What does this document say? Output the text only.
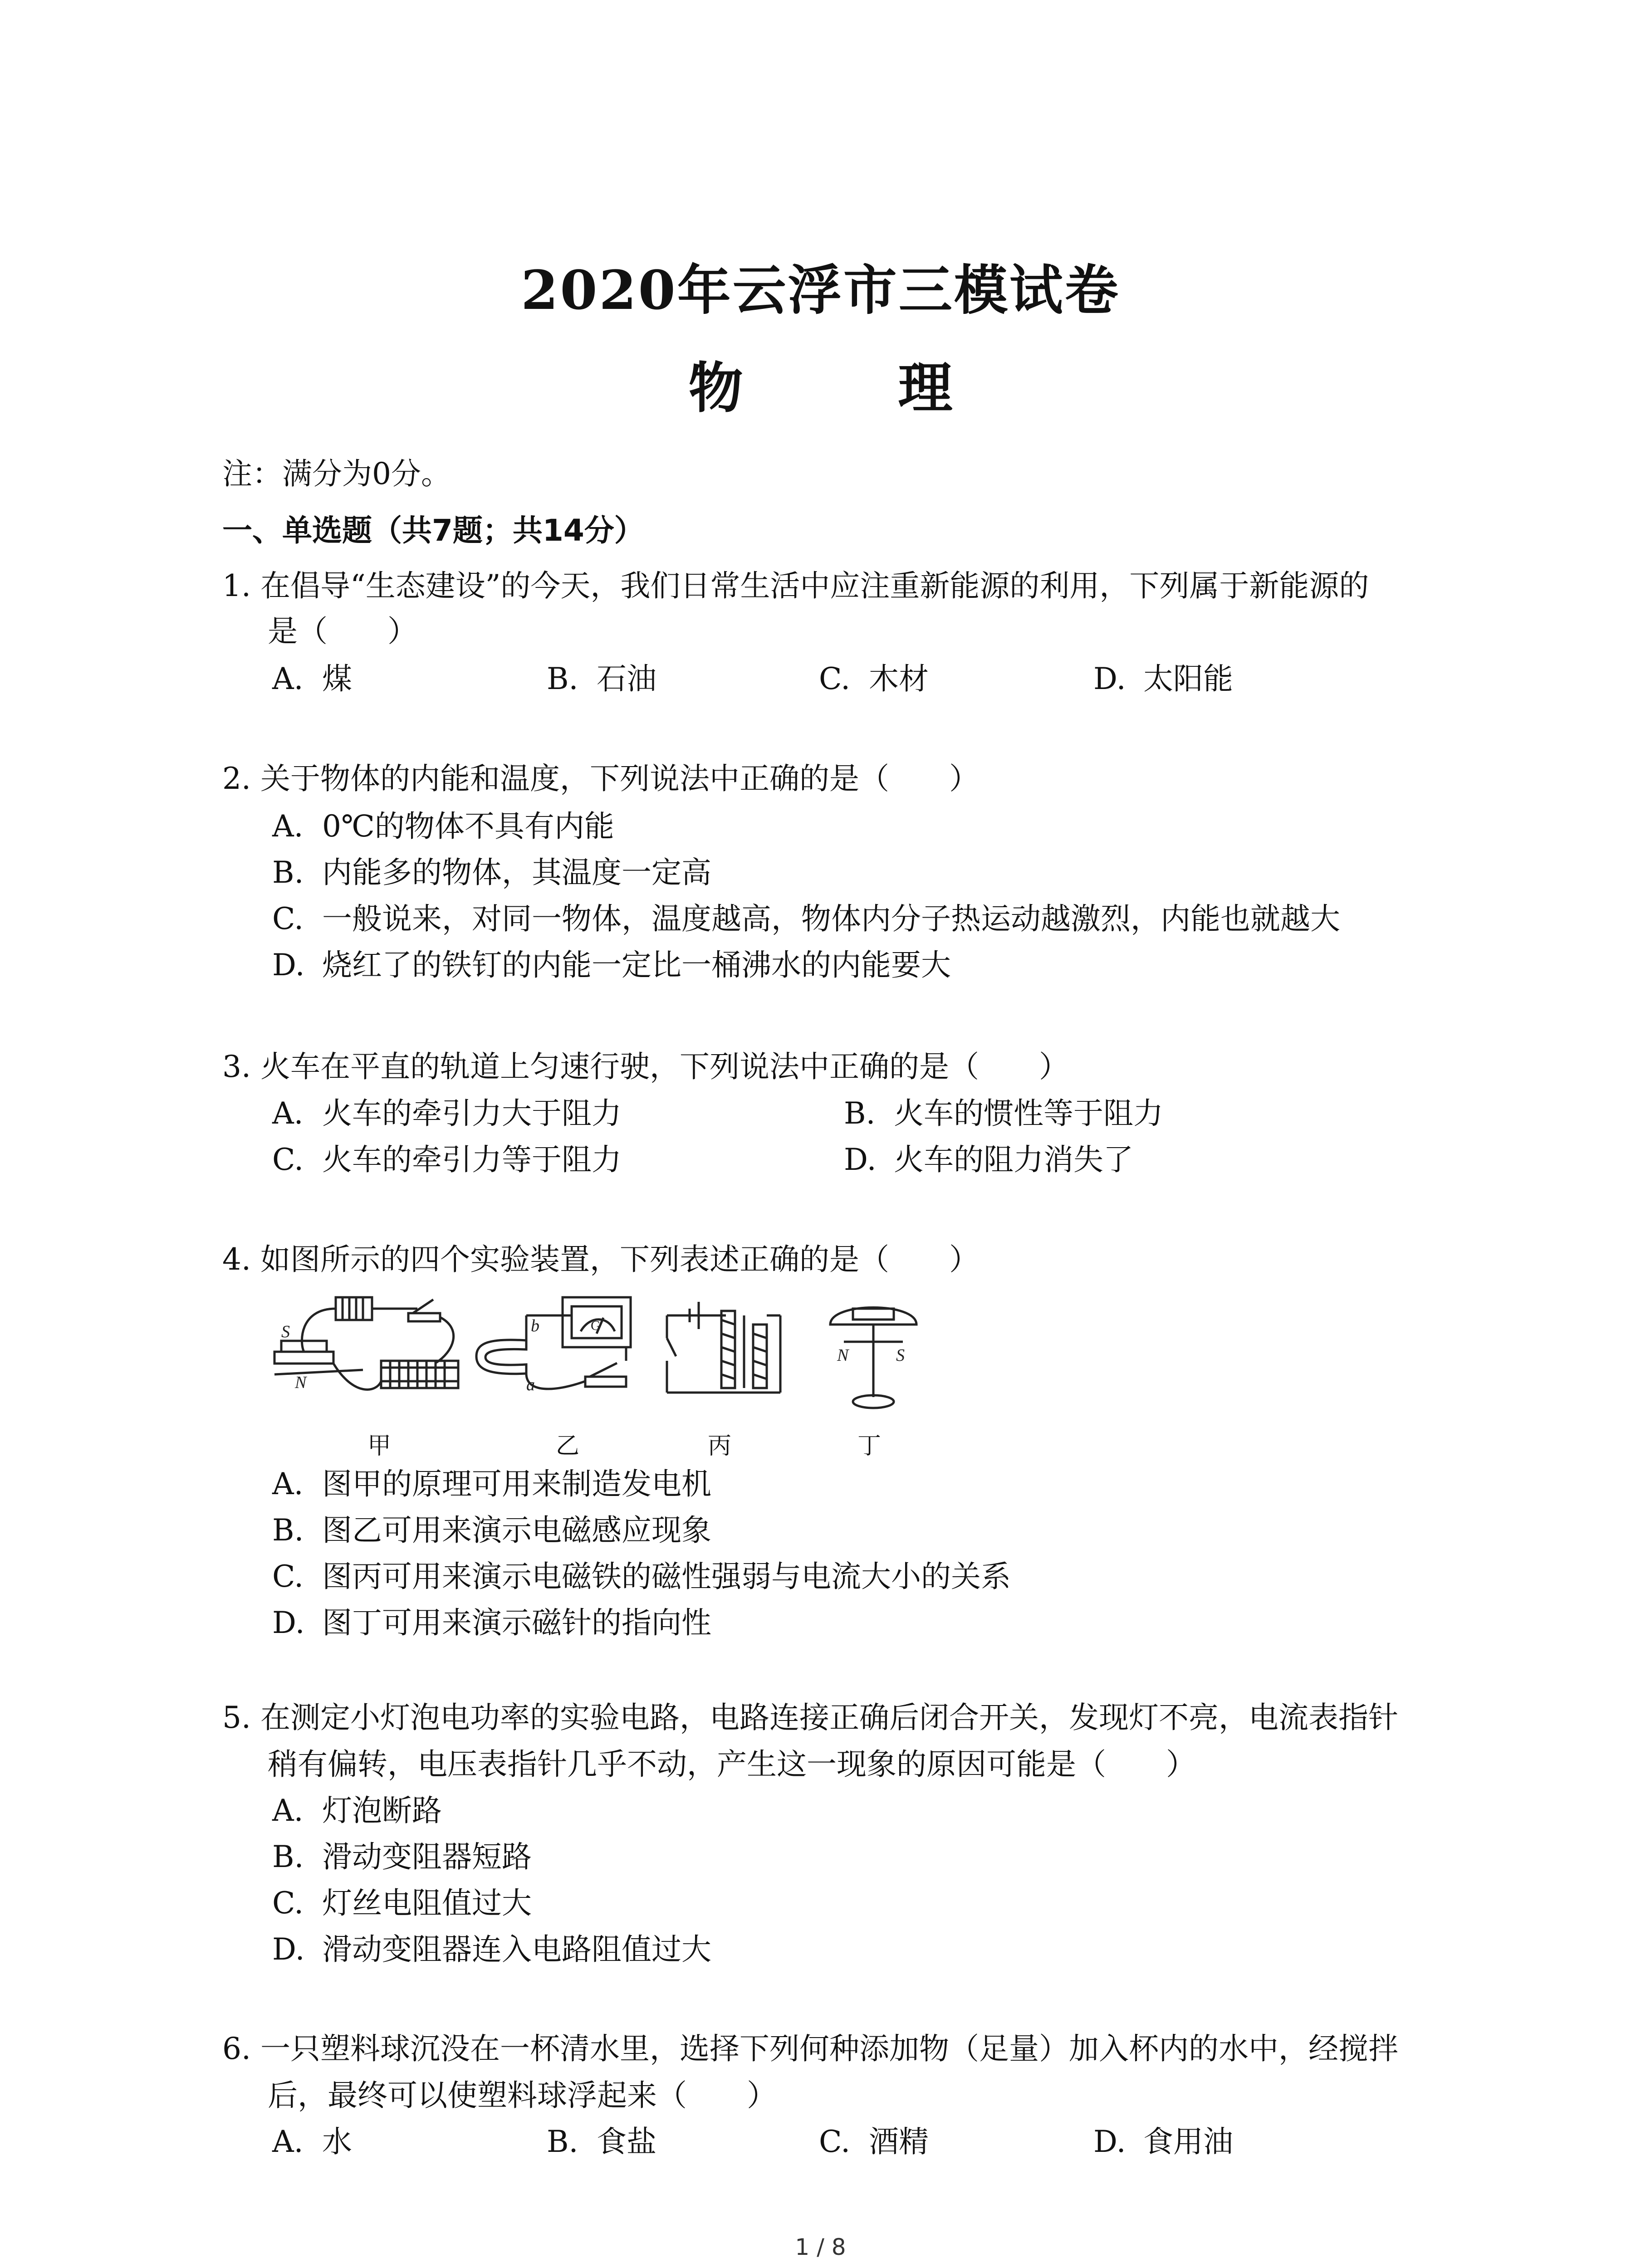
2020年云浮市三模试卷
物 理
注：满分为0分。
一、单选题（共7题；共14分）
1. 在倡导“生态建设”的今天，我们日常生活中应注重新能源的利用，下列属于新能源的
是（　　）
A. 煤	B. 石油	C. 木材	D. 太阳能
2. 关于物体的内能和温度，下列说法中正确的是（　　）
A. 0℃的物体不具有内能
B. 内能多的物体，其温度一定高
C. 一般说来，对同一物体，温度越高，物体内分子热运动越激烈，内能也就越大
D. 烧红了的铁钉的内能一定比一桶沸水的内能要大
3. 火车在平直的轨道上匀速行驶，下列说法中正确的是（　　）
A. 火车的牵引力大于阻力	B. 火车的惯性等于阻力
C. 火车的牵引力等于阻力	D. 火车的阻力消失了
4. 如图所示的四个实验装置，下列表述正确的是（　　）
S
N
b
a
G
N	S
甲	乙	丙	丁
A. 图甲的原理可用来制造发电机
B. 图乙可用来演示电磁感应现象
C. 图丙可用来演示电磁铁的磁性强弱与电流大小的关系
D. 图丁可用来演示磁针的指向性
5. 在测定小灯泡电功率的实验电路，电路连接正确后闭合开关，发现灯不亮，电流表指针
稍有偏转，电压表指针几乎不动，产生这一现象的原因可能是（　　）
A. 灯泡断路
B. 滑动变阻器短路
C. 灯丝电阻值过大
D. 滑动变阻器连入电路阻值过大
6. 一只塑料球沉没在一杯清水里，选择下列何种添加物（足量）加入杯内的水中，经搅拌
后，最终可以使塑料球浮起来（　　）
A. 水	B. 食盐	C. 酒精	D. 食用油
1 / 8
